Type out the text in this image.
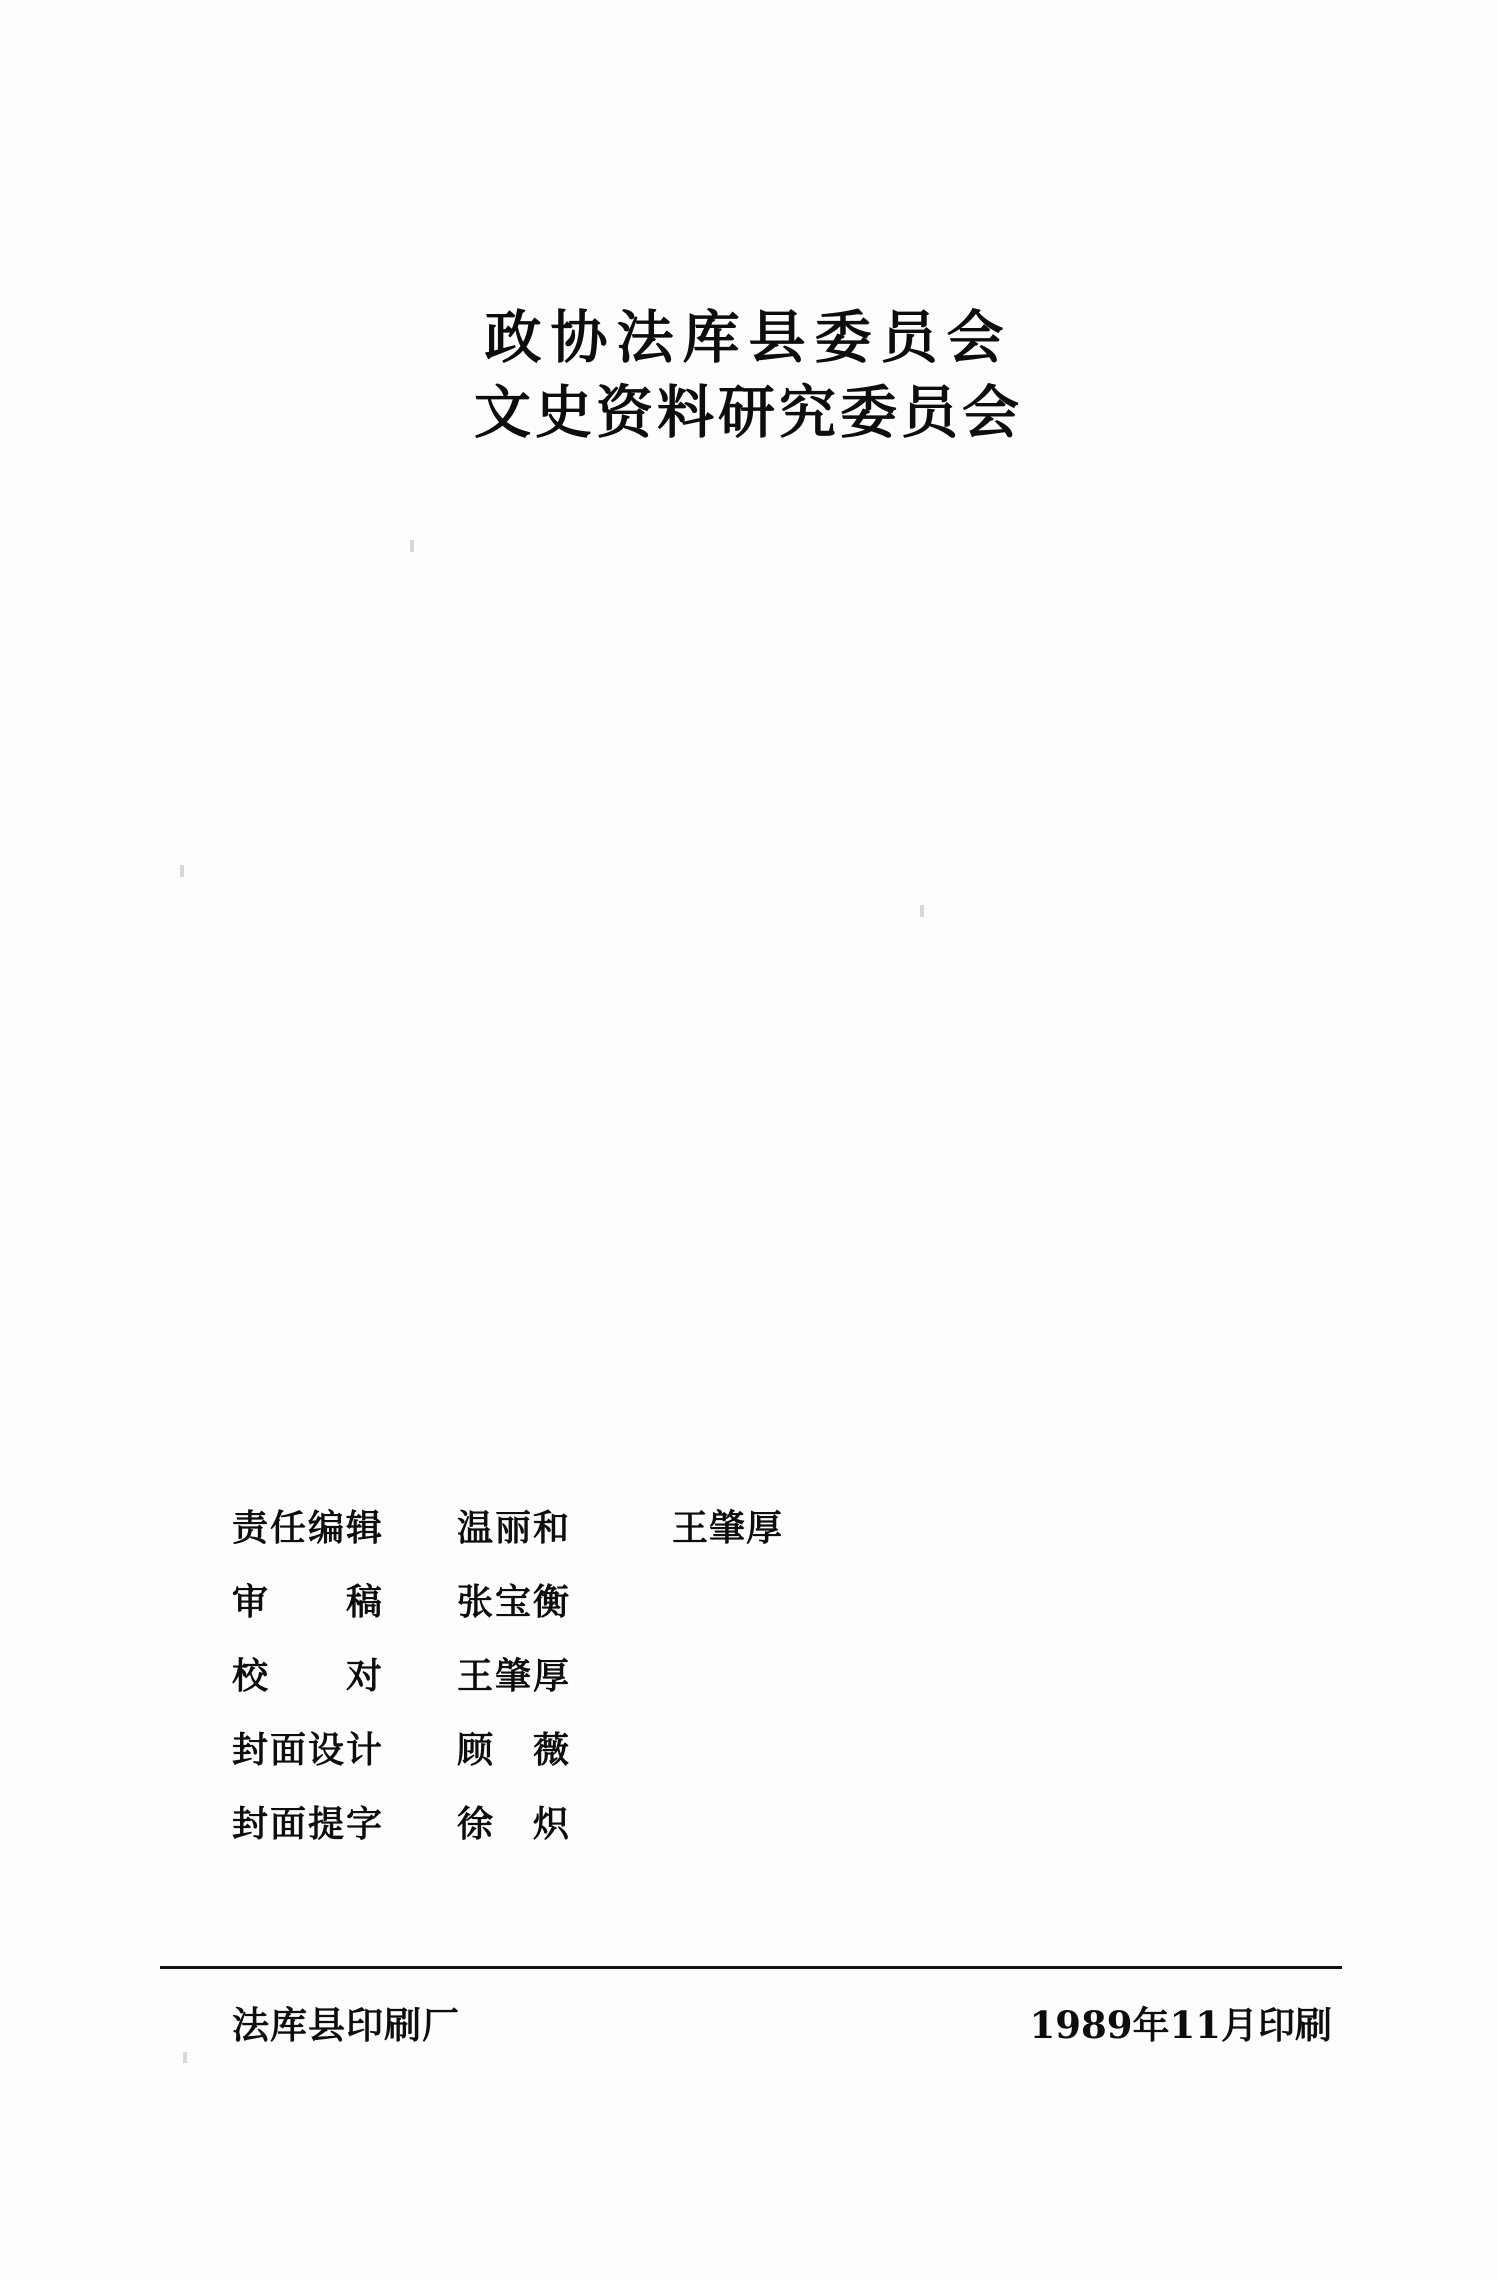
政协法库县委员会
文史资料研究委员会
责任编辑	温丽和	王肇厚
审　　稿	张宝衡
校　　对	王肇厚
封面设计	顾　薇
封面提字	徐　炽
法库县印刷厂	1989年11月印刷
